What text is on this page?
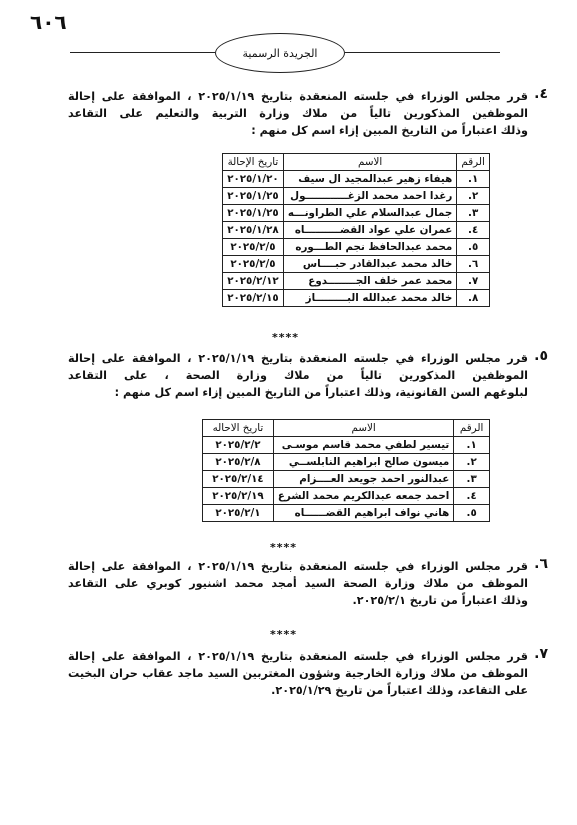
٦٠٦
الجريدة الرسمية
٤.
قرر مجلس الوزراء في جلسته المنعقدة بتاريخ ٢٠٢٥/١/١٩ ، الموافقة على إحالة
الموظفين المذكورين تالياً من ملاك وزارة التربية والتعليم على التقاعد
وذلك اعتباراً من التاريخ المبين إزاء اسم كل منهم :
الرقم	الاسم	تاريخ الإحالة
١.	هيفاء زهير عبدالمجيد ال سيف	٢٠٢٥/١/٢٠
٢.	رغدا احمد محمد الزغــــــــــــول	٢٠٢٥/١/٢٥
٣.	جمال عبدالسلام علي الطراونـــه	٢٠٢٥/١/٢٥
٤.	عمران علي عواد القضــــــــــاه	٢٠٢٥/١/٢٨
٥.	محمد عبدالحافظ نجم الطـــوره	٢٠٢٥/٢/٥
٦.	خالد محمد عبدالقادر حبــــاس	٢٠٢٥/٢/٥
٧.	محمد عمر خلف الجــــــــدوع	٢٠٢٥/٢/١٢
٨.	خالد محمد عبدالله البـــــــــاز	٢٠٢٥/٢/١٥
****
٥.
قرر مجلس الوزراء في جلسته المنعقدة بتاريخ ٢٠٢٥/١/١٩ ، الموافقة على إحالة
الموظفين المذكورين تالياً من ملاك وزارة الصحة ، على التقاعد
لبلوغهم السن القانونية، وذلك اعتباراً من التاريخ المبين إزاء اسم كل منهم :
الرقم	الاسم	تاريخ الاحاله
١.	تيسير لطفي محمد قاسم موسـى	٢٠٢٥/٢/٢
٢.	ميسون صالح ابراهيم النابلســي	٢٠٢٥/٢/٨
٣.	عبدالنور احمد جويعد العــــزام	٢٠٢٥/٢/١٤
٤.	احمد جمعه عبدالكريم محمد الشرع	٢٠٢٥/٢/١٩
٥.	هاني نواف ابراهيم القضــــــاه	٢٠٢٥/٢/١
****
٦.
قرر مجلس الوزراء في جلسته المنعقدة بتاريخ ٢٠٢٥/١/١٩ ، الموافقة على إحالة
الموظف من ملاك وزارة الصحة السيد أمجد محمد اشنيور كوبري على التقاعد
وذلك اعتباراً من تاريخ ٢٠٢٥/٢/١.
****
٧.
قرر مجلس الوزراء في جلسته المنعقدة بتاريخ ٢٠٢٥/١/١٩ ، الموافقة على إحالة
الموظف من ملاك وزارة الخارجية وشؤون المغتربين السيد ماجد عقاب حران البخيت
على التقاعد، وذلك اعتباراً من تاريخ ٢٠٢٥/١/٢٩.
